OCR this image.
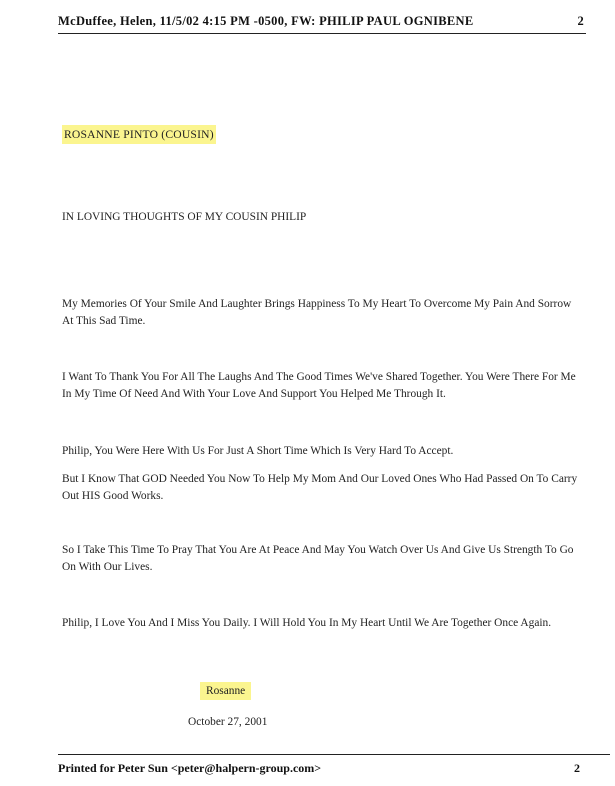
McDuffee, Helen, 11/5/02 4:15 PM -0500, FW: PHILIP PAUL OGNIBENE	2
ROSANNE PINTO (COUSIN)
IN LOVING THOUGHTS OF MY COUSIN PHILIP
My Memories Of Your Smile And Laughter Brings Happiness To My Heart To Overcome My Pain And Sorrow At This Sad Time.
I Want To Thank You For All The Laughs And The Good Times We've Shared Together. You Were There For Me In My Time Of Need And With Your Love And Support You Helped Me Through It.
Philip, You Were Here With Us For Just A Short Time Which Is Very Hard To Accept.
But I Know That GOD Needed You Now To Help My Mom And Our Loved Ones Who Had Passed On To Carry Out HIS Good Works.
So I Take This Time To Pray That You Are At Peace And May You Watch Over Us And Give Us Strength To Go On With Our Lives.
Philip, I Love You And I Miss You Daily. I Will Hold You In My Heart Until We Are Together Once Again.
Rosanne
October 27, 2001
Printed for Peter Sun <peter@halpern-group.com>	2
